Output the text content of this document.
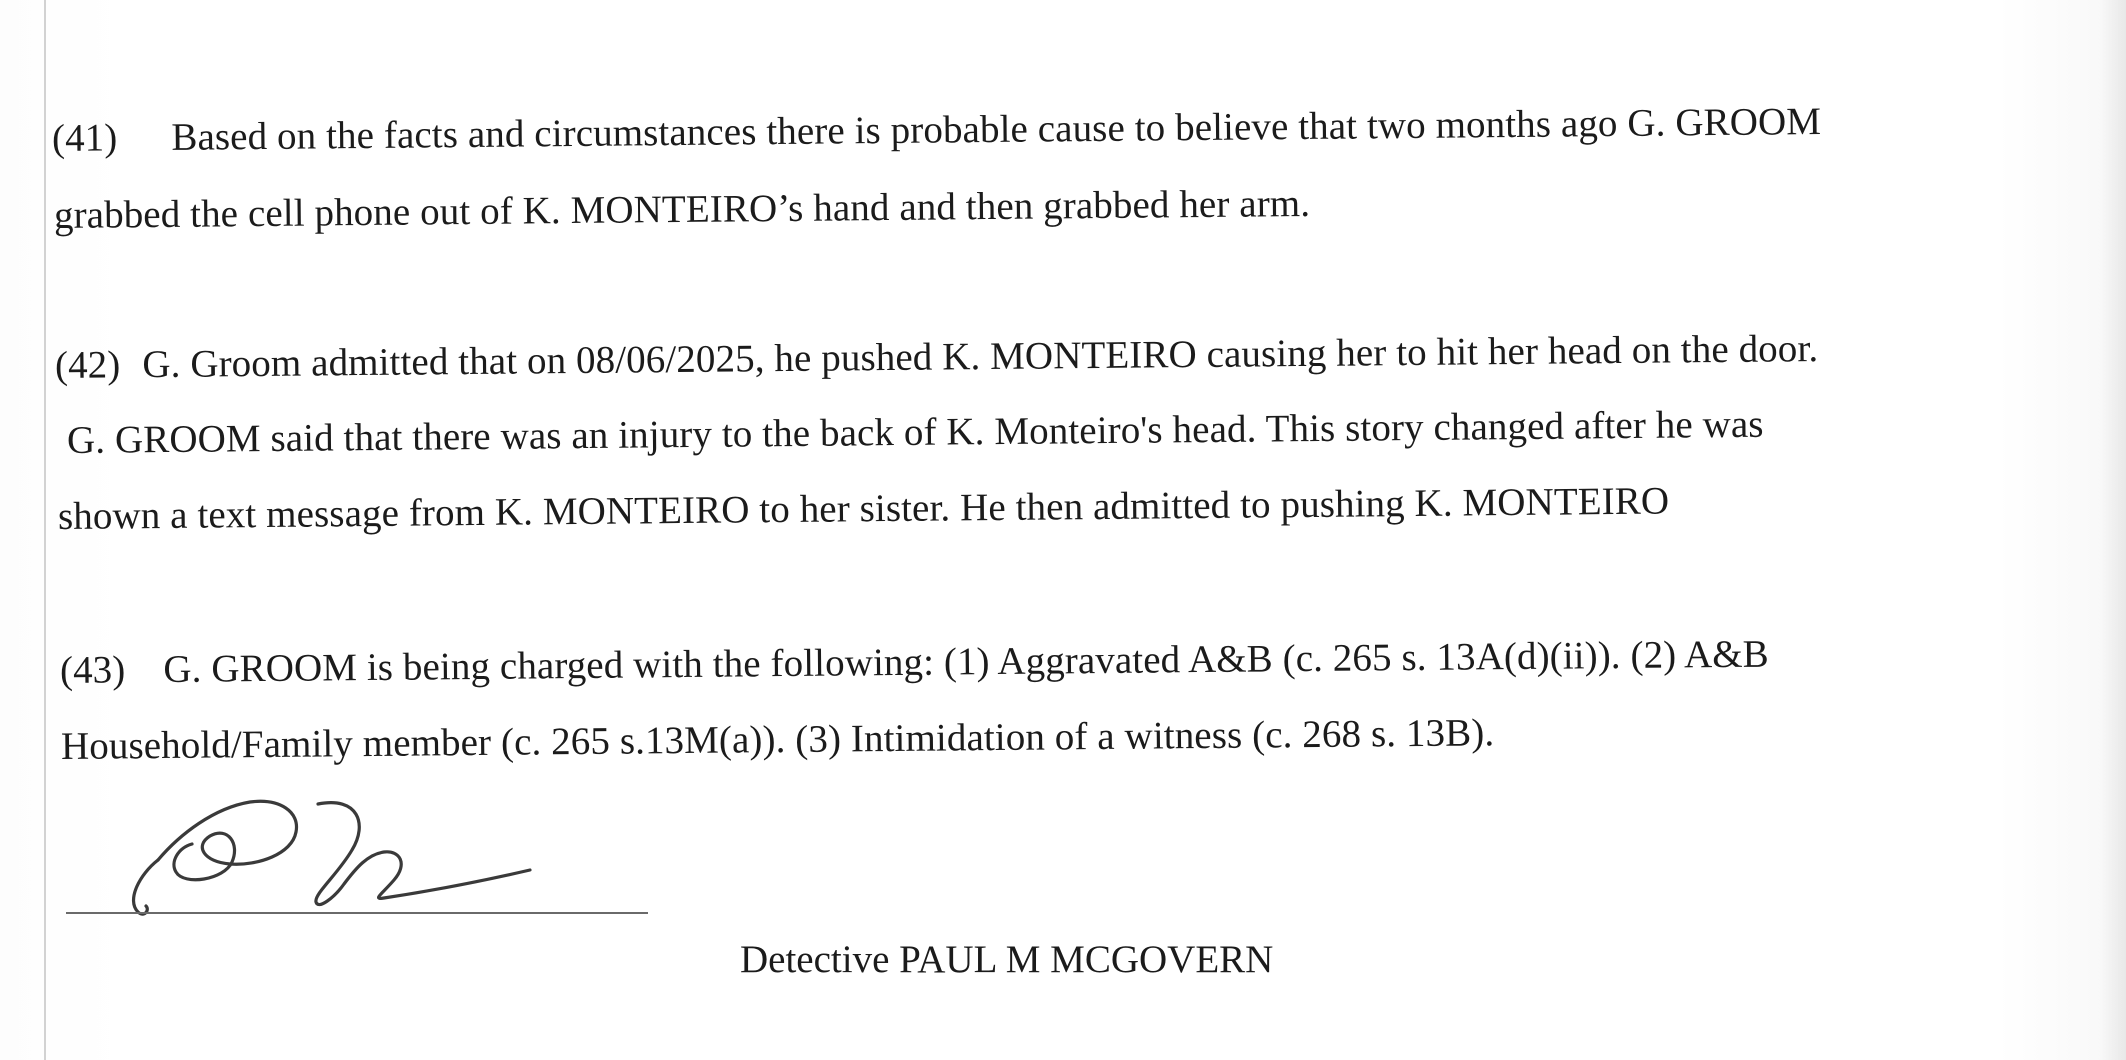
(41) Based on the facts and circumstances there is probable cause to believe that two months ago G. GROOM
grabbed the cell phone out of K. MONTEIRO’s hand and then grabbed her arm.
(42) G. Groom admitted that on 08/06/2025, he pushed K. MONTEIRO causing her to hit her head on the door.
G. GROOM said that there was an injury to the back of K. Monteiro's head. This story changed after he was
shown a text message from K. MONTEIRO to her sister. He then admitted to pushing K. MONTEIRO
(43) G. GROOM is being charged with the following: (1) Aggravated A&B (c. 265 s. 13A(d)(ii)). (2) A&B
Household/Family member (c. 265 s.13M(a)). (3) Intimidation of a witness (c. 268 s. 13B).
Detective PAUL M MCGOVERN
